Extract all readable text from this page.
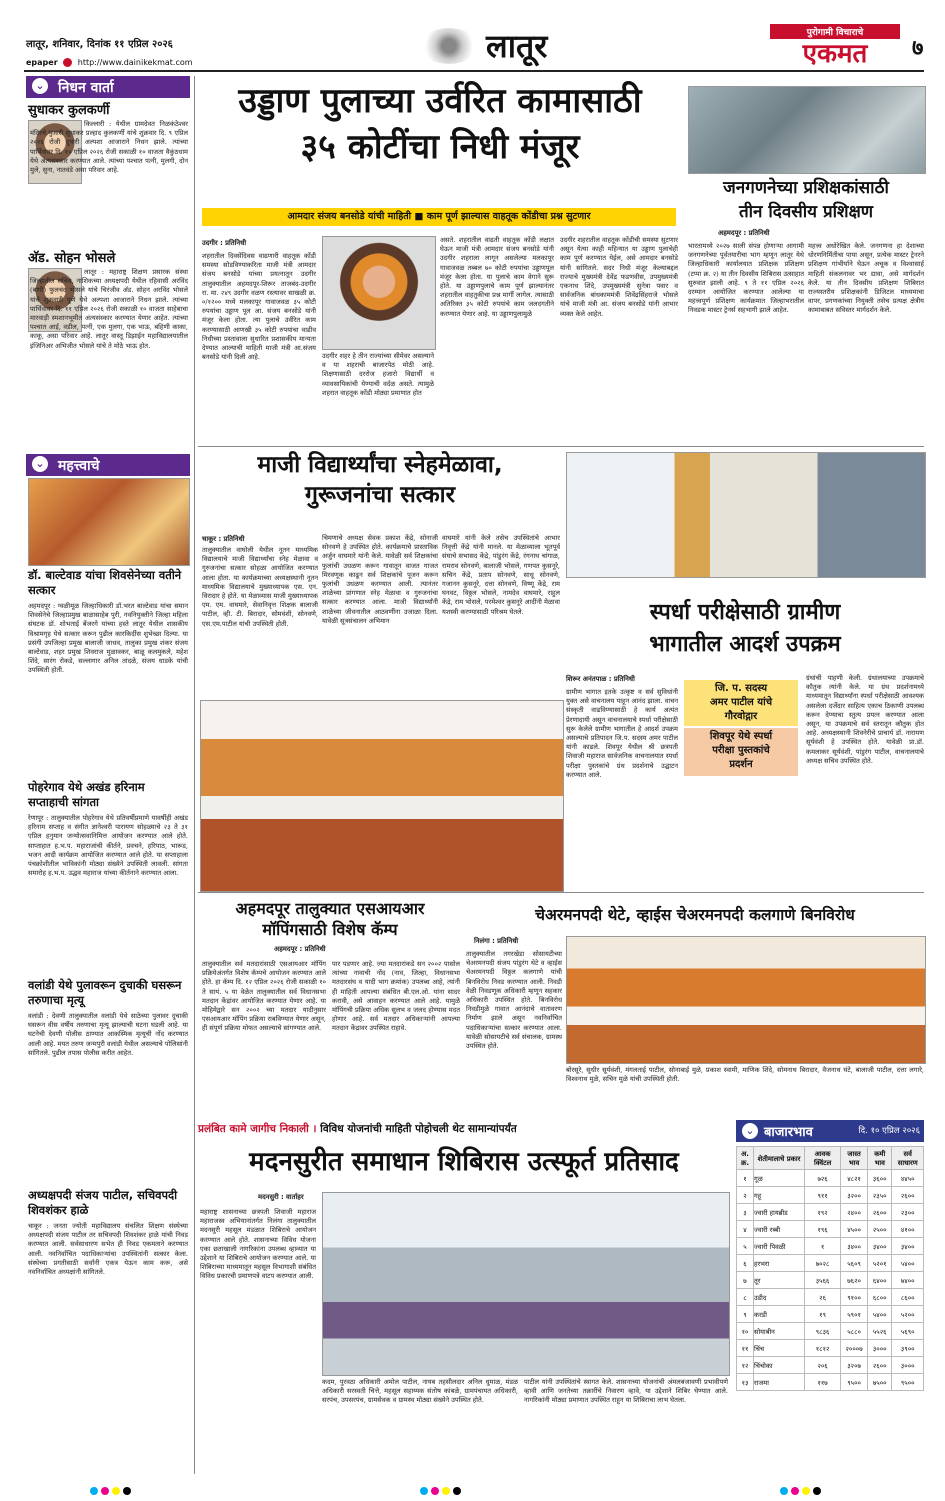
लातूर, शनिवार, दिनांक ११ एप्रिल २०२६	लातूर	पुरोगामी विचाराचे
एकमत	७
epaper	http://www.dainikekmat.com
⌄ निधन वार्ता
सुधाकर कुलकर्णी
किल्लारी : येथील ग्रामदेवत निळकंठेश्वर मंदिरचे पुजारी सुधाकर प्रल्हाद कुलकर्णी यांचे शुक्रवार दि. ९ एप्रिल २०२६ रोजी दुपारी अल्पशा आजाराने निधन झाले. त्यांच्या पार्थिवावर दि. १० एप्रिल २०२६ रोजी सकाळी १० वाजता वैकुंठधाम येथे अंत्यसंस्कार करण्यात आले. त्यांच्या पश्चात पत्नी, मुलगी, दोन मुले, सुना, नातवंडे असा परिवार आहे.
अ‍ॅड. सोहन भोसले
लातूर : महाराष्ट्र शिक्षण प्रसारक संस्था जिल्हातील सचिव, नाशिकच्या अध्यक्षपदी येथील रहिवासी अरविंद (बापी) फुलचंद भोसले यांचे चिरंजीव अ‍ॅड. सोहन अरविंद भोसले यांचे शुक्रवारी पुणे येथे अल्पशा आजाराने निधन झाले. त्यांच्या पार्थिवावर दि. ११ एप्रिल २०२६ रोजी सकाळी १० वाजता साहेबाचा मारवाड़ी स्मशानभूमीत अंत्यसंस्कार करण्यात येणार आहेत. त्यांच्या पश्चात आई, वडील, पत्नी, एक मुलगा, एक भाऊ, बहिणी काका, काकू, असा परिवार आहे. लातूर वास्तू डिझाईन महाविद्यालयातील इंजिनिअर अभिजीत भोसले यांचे ते मोठे भाऊ होत.
⌄ महत्त्वाचे
डॉ. बाल्टेवाड यांचा शिवसेनेच्या वतीने सत्कार
अहमदपूर : ग्वळीमूळ जिल्हाधिकारी डॉ.भरत बाल्टेवाड यांचा समान शिवसेनेचे जिल्हाप्रमुख बाळासाहेब पुरी, नवनियुक्तीने जिल्हा महिला संघटक डॉ. शोभताई बेंजरगे यांच्या हस्ते लातूर येथील शासकीय विश्रामगृह येथे सत्कार करून पुढील कारकिर्दीस शुभेच्छा दिल्या. या प्रसंगी उपजिल्हा प्रमुख बालाजी जाधव, तालुका प्रमुख शंकर संजय बाल्टेवाड, शहर प्रमुख शिवराज मुळावकर, बाळू कलमुकले, महेश शिंदे, सारंग रोकडे, सल्लागार अनिल तांदळे, संजय धाडके यांची उपस्थिती होती.
पोहरेगाव येथे अखंड हरिनाम सप्ताहाची सांगता
रेणापूर : तालुक्यातील पोहरेगाव येथे प्रतिवर्षीप्रमाणे यावर्षीही अखंड हरिनाम सप्ताह व संगीत ज्ञानेश्वरी पारायण सोहळ्याचे २३ ते ३१ एप्रिल हनुमान जन्मोत्सवानिमित्त आयोजन करण्यात आले होते. साप्ताहात ह.भ.प. महाराजांची कीर्तने, प्रवचने, हरिपाठ, भारूड, भजन आदी कार्यक्रम आयोजित करण्यात आले होते. या सप्ताहाला पंचक्रोशीतील भाविकांनी मोठ्या संख्येने उपस्थिती लावली. सांगता समारोह ह.भ.प. उद्धव महाराज यांच्या कीर्तनाने करण्यात आला.
वलांडी येथे पुलावरून दुचाकी घसरून तरुणाचा मृत्यू
वलांडी : देवणी तालुक्यातील वलांडी येथे साठेच्या पुलावर दुचाकी घसरून वीस वर्षीय तरुणाचा मृत्यू झाल्याची घटना घडली आहे. या घटनेची देवणी पोलीस ठाण्यात आकस्मिक मृत्यूची नोंद करण्यात आली आहे. मयत तरुण जन्मपुरी वलांडी येथील असल्याचे पोलिसांनी सांगितले. पुढील तपास पोलीस करीत आहेत.
अध्यक्षपदी संजय पाटील, सचिवपदी शिवशंकर हाळे
चाकूर : जनता ज्योती महाविद्यालय संचलित शिक्षण संस्थेच्या अध्यक्षपदी संजय पाटील तर सचिवपदी शिवशंकर हाळे यांची निवड करण्यात आली. सर्वसाधारण सभेत ही निवड एकमताने करण्यात आली. नवनिर्वाचित पदाधिकाऱ्यांचा उपस्थितांनी सत्कार केला. संस्थेच्या प्रगतीसाठी सर्वांनी एकत्र येऊन काम करू, असे नवनिर्वाचित अध्यक्षांनी सांगितले.
उड्डाण पुलाच्या उर्वरित कामासाठी
३५ कोटींचा निधी मंजूर
आमदार संजय बनसोडे यांची माहिती ■ काम पूर्ण झाल्यास वाहतूक कोंडीचा प्रश्न सुटणार
उदगीर : प्रतिनिधी
शहरातील दिवसेंदिवस वाढणारी वाहतूक कोंडी समस्या सोडविण्याकरिता माजी मंत्री आमदार संजय बनसोडे यांच्या प्रयत्नातून उदगीर तालुक्यातील अहमदपूर-शिरूर ताजबंद-उदगीर रा. मा. २४९ उदगीर वळण रस्त्यावर साखळी क्र. ०/१२०० मध्ये मलकापूर गावाजवळ ३५ कोटी रुपयांचा उड्डाण पूल आ. संजय बनसोडे यांनी मंजूर केला होता. त्या पुलाचे उर्वरित काम करण्यासाठी आणखी ३५ कोटी रुपयांचा वाढीव निधीच्या प्रस्तावाला सुधारित प्रशासकीय मान्यता देण्यात आल्याची माहिती माजी मंत्री आ.संजय बनसोडे यांनी दिली आहे.	उदगीर शहर हे तीन राज्यांच्या सीमेवर असल्याने व या शहराची बाजारपेठ मोठी आहे. शिक्षणासाठी दररोज हजारो विद्यार्थी व व्यावसायिकांची येण्याची वर्दळ असते. त्यामुळे शहरात वाहतूक कोंडी मोठ्या प्रमाणात होत
असते. शहरातील वाढती वाहतूक कोंडी लक्षात घेऊन माजी मंत्री आमदार संजय बनसोडे यांनी उदगीर शहराला लागून असलेल्या मलकापूर गावाजवळ तब्बल ७० कोटी रुपयांचा उड्डाणपूल मंजूर केला होता. या पुलाचे काम वेगाने सुरू होते. या उड्डाणपुलाचे काम पूर्ण झाल्यानंतर शहरातील वाहतुकीचा प्रश्न मार्गी लागेल. त्यासाठी अतिरिक्त ३५ कोटी रुपयांचे काम जलदगतीने करण्यात येणार आहे. या उड्डाणपुलामुळे
उदगीर शहरातील वाहतूक कोंडीची समस्या सुटणार असून येत्या काही महिन्यात या उड्डाण पुलाचेही काम पूर्ण करण्यात येईल, असे आमदार बनसोडे यांनी सांगितले. सदर निधी मंजूर केल्याबद्दल राज्याचे मुख्यमंत्री देवेंद्र फडणवीस, उपमुख्यमंत्री एकनाथ शिंदे, उपमुख्यमंत्री सुनेत्रा पवार व सार्वजनिक बांधकाममंत्री शिवेंद्रसिंहराजे भोसले यांचे माजी मंत्री आ. संजय बनसोडे यांनी आभार व्यक्त केले आहेत.
जनगणनेच्या प्रशिक्षकांसाठी
तीन दिवसीय प्रशिक्षण
अहमदपूर : प्रतिनिधी
भारतामध्ये २०२७ साली संपन्न होणाऱ्या आगामी जनगणनेच्या पूर्वतयारीचा भाग म्हणून लातूर येथे जिल्हाधिकारी कार्यालयात प्रशिक्षक प्रशिक्षण (टप्पा क्र. २) या तीन दिवसीय शिबिरास उत्साहात सुरुवात झाली आहे. ९ ते ११ एप्रिल २०२६ दरम्यान आयोजित करण्यात आलेल्या या महत्त्वपूर्ण प्रशिक्षण कार्यक्रमात जिल्हाभरातील निवडक मास्टर ट्रेनर्स सहभागी झाले आहेत.
महत्त्व अधोरेखित केले. जनगणना हा देशाच्या धोरणनिर्मितीचा पाया असून, प्रत्येक मास्टर ट्रेनरने प्रशिक्षण गांभीर्याने घेऊन अचूक व विश्वासार्ह माहिती संकलनावर भर द्यावा, असे मार्गदर्शन केले. या तीन दिवसीय प्रशिक्षण शिबिरात राज्यस्तरीय प्रशिक्षकांनी डिजिटल माध्यमाचा वापर, प्रगणकांच्या नियुक्ती तसेच प्रत्यक्ष क्षेत्रीय कामाबाबत सविस्तर मार्गदर्शन केले.
माजी विद्यार्थ्यांचा स्नेहमेळावा,
गुरूजनांचा सत्कार
चाकूर : प्रतिनिधी
तालुक्यातील वाघोली येथील नूतन माध्यमिक विद्यालयाचे माजी विद्यार्थ्यांचा स्नेह मेळावा व गुरुजनांचा सत्कार सोहळा आयोजित करण्यात आला होता. या कार्यक्रमाच्या अध्यक्षस्थानी नूतन माध्यमिक विद्यालयाचे मुख्याध्यापक एस. एन. विरादार हे होते. या मेळाव्यास माजी मुख्याध्यापक एम. एम. वाघमारे, सेवानिवृत्त शिक्षक बालाजी पाटील, व्ही. टी. बिरादार, सोमवंशी, सोनवणे, एस.एम.पाटील यांची उपस्थिती होती.
चिमणाचे अध्यक्ष सेवक प्रकाश केंद्रे, सोनाजी सोनवणे हे उपस्थित होते. कार्यक्रमाचे प्रास्ताविक अर्जुन वाघमारे यांनी केले. यावेळी सर्व शिक्षकांचा फुलांची उधळण करून गावातून वाजत गाजत मिरवणूक काढून सर्व शिक्षकांचे पूजन करून फुलांची उधळण करण्यात आली. त्यानंतर शाळेच्या प्रांगणात स्नेह मेळावा व गुरुजनांचा सत्कार करण्यात आला. माजी विद्यार्थ्यांनी शाळेच्या जीवनातील आठवणींना उजाळा दिला. यावेळी सूत्रसंचालन अभिमान
वाघमारे यांनी केले तसेच उपस्थितांचे आभार निवृत्ती केंद्रे यांनी मानले. या मेळाव्याला भूतपूर्व संघाचे सभासद केंद्रे, पांडुरंग केंद्रे, रंगनाथ चांगाळ, रामराव सोनवणे, बालाजी भोसले, गणपत कुसनूरे, सचिन केंद्रे, प्रताप सोनवणे, साधू सोनवणे, गजानन कुसनूरे, दत्ता सोनवणे, विष्णू केंद्रे, राम घनवट, विठ्ठल भोसले, नामदेव वाघमारे, राहुल केंद्रे, राम भोसले, परमेश्वर कुसनूरे आदींनी मेळावा यशस्वी करण्यासाठी परिश्रम घेतले.	स्पर्धा परीक्षेसाठी ग्रामीण
भागातील आदर्श उपक्रम
शिरूर अनंतपाळ : प्रतिनिधी
ग्रामीण भागात इतके उत्कृष्ट व सर्व सुविधांनी युक्त असे वाचनालय पाहून आनंद झाला. वाचन संस्कृती वाढविण्यासाठी हे कार्य अत्यंत प्रेरणादायी असून वाचनालयाचे स्पर्धा परीक्षेसाठी सुरू केलेले ग्रामीण भागातील हे आदर्श उपक्रम असल्याचे प्रतिपादन जि.प. सदस्य अमर पाटील यांनी काढले. शिवपूर येथील श्री छत्रपती शिवाजी महाराज सार्वजनिक वाचनालयात स्पर्धा परीक्षा पुस्तकांचे ग्रंथ प्रदर्शनाचे उद्घाटन करण्यात आले.
जि. प. सदस्य
अमर पाटील यांचे
गौरवोद्गार
शिवपूर येथे स्पर्धा
परीक्षा पुस्तकांचे
प्रदर्शन
ग्रंथांची पाहणी केली. ग्रंथालयाच्या उपक्रमाचे कौतुक त्यांनी केले. या ग्रंथ प्रदर्शनामध्ये माध्यमातून विद्यार्थ्यांना स्पर्धा परीक्षेसाठी आवश्यक असलेला दर्जेदार साहित्य एकाच ठिकाणी उपलब्ध करून देण्याचा स्तुत्य प्रयत्न करण्यात आला असून, या उपक्रमाचे सर्व स्तरातून कौतुक होत आहे. अध्यक्षस्थानी शिवनेरीचे प्राचार्य डॉ. नारायण सूर्यवंशी हे उपस्थित होते. यावेळी प्रा.डॉ. कमलाकर सूर्यवंशी, पांडुरंग पाटील, वाचनालयाचे अध्यक्ष सचिव उपस्थित होते.
अहमदपूर तालुक्यात एसआयआर
मॉपिंगसाठी विशेष कॅम्प
अहमदपूर : प्रतिनिधी
तालुक्यातील सर्व मतदारांसाठी एसआयआर मॉपिंग प्रक्रियेअंतर्गत विशेष कॅम्पचे आयोजन करण्यात आले होते. हा कॅम्प दि. १२ एप्रिल २०२६ रोजी सकाळी १० ते सायं. ५ या वेळेत तालुक्यातील सर्व विधानसभा मतदान केंद्रांवर आयोजित करण्यात येणार आहे. या मोहिमेद्वारे सन २००२ च्या मतदार यादीनुसार एसआयआर मॉपिंग प्रक्रिया राबविण्यात येणार असून, ही संपूर्ण प्रक्रिया मोफत असल्याचे सांगण्यात आले.
पार पडणार आहे. ज्या मतदारांकडे सन २००२ पासोल त्यांच्या नावाची नोंद (नाव, जिल्हा, विधानसभा मतदारसंघ व यादी भाग क्रमांक) उपलब्ध आहे, त्यांनी ही माहिती आपल्या संबंधित बी.एल.ओ. यांना सादर करावी, असे आवाहन करण्यात आले आहे. यामुळे मॉपिंगची प्रक्रिया अधिक सुलभ व जलद होण्यास मदत होणार आहे. सर्व मतदार अधिकाऱ्यांनी आपल्या मतदान केंद्रावर उपस्थित राहावे.
चेअरमनपदी थेटे, व्हाईस चेअरमनपदी कलगाणे बिनविरोध
निलंगा : प्रतिनिधी
तालुक्यातील तगरखेडा सोसायटीच्या चेअरमनपदी संजय पांडुरंग थेटे व व्हाईस चेअरमनपदी विठ्ठल कलगाणे यांची बिनविरोध निवड करण्यात आली. निवडी वेळी निवडणूक अधिकारी म्हणून सहकार अधिकारी उपस्थित होते. बिनविरोध निवडीमुळे गावात आनंदाचे वातावरण निर्माण झाले असून नवनिर्वाचित पदाधिकाऱ्यांचा सत्कार करण्यात आला. यावेळी सोसायटीचे सर्व संचालक, ग्रामस्थ उपस्थित होते.
बोरसूरे, सुधीर सूर्यवंशी, मंगलताई पाटील, सोनाबाई मुळे, प्रकाश स्वामी, माणिक शिंदे, सोमनाथ बिरादार, वैजनाथ घंटे, बालाजी पाटील, दत्ता लगारे, विश्वनाथ मुळे, सचिन मुळे यांची उपस्थिती होती.
प्रलंबित कामे जागीच निकाली । विविध योजनांची माहिती पोहोचली थेट सामान्यांपर्यंत
मदनसुरीत समाधान शिबिरास उत्स्फूर्त प्रतिसाद
मदनसुरी : वार्ताहर
महाराष्ट्र शासनाच्या छत्रपती शिवाजी महाराज महाराजस्व अभियानांतर्गत निलंगा तालुक्यातील मदनसुरी महसूल मंडळात शिबिराचे आयोजन करण्यात आले होते. शासनाच्या विविध योजना एका छताखाली नागरिकांना उपलब्ध व्हाव्यात या उद्देशाने या शिबिराचे आयोजन करण्यात आले. या शिबिराच्या माध्यमातून महसूल विभागाशी संबंधित विविध प्रकारची प्रमाणपत्रे वाटप करण्यात आली.
कदम, पुरवठा अधिकारी अमोल पाटील, नायब तहसीलदार अनिल धुमाळ, मंडळ अधिकारी सरस्वती चित्ते, महसूल सहाय्यक संतोष कांबळे, ग्रामपंचायत अधिकारी, सरपंच, उपसरपंच, ग्रामसेवक व ग्रामस्थ मोठ्या संख्येने उपस्थित होते.
पाटील यांनी उपस्थितांचे स्वागत केले. शासनाच्या योजनांची अंमलबजावणी प्रभावीपणे व्हावी आणि जनतेच्या तक्रारींचे निवारण व्हावे, या उद्देशाने शिबिर घेण्यात आले. नागरिकांनी मोठ्या प्रमाणात उपस्थित राहून या शिबिराचा लाभ घेतला.
⌄ बाजारभाव	दि. १० एप्रिल २०२६
अ. क्र.	शेतीमालाचे प्रकार	आवक क्विंटल	जास्त भाव	कमी भाव	सर्व साधारण
१	गूळ	७२६	४८२१	३६००	४४५०
२	गहू	९११	३२००	२३५०	२६००
३	ज्वारी हायब्रीड	१९२	२४००	२६००	२३००
४	ज्वारी रब्बी	१९६	४५००	२५००	४१००
५	ज्वारी पिवळी	१	३४००	३४००	३४००
६	हरभरा	७०२८	५६०९	५२०१	५४००
७	तूर	३५६६	७६२०	६४००	७४००
८	उडीद	२६	९१००	६८००	८६००
९	करडी	१९	५९०१	५४००	५२००
१०	सोयाबीन	९८३६	५८८०	५५२६	५६९०
११	चिंच	१८१२	२०००७	३०००	३९००
१२	चिंचोका	२०६	३२०७	२६००	३०००
१३	राजमा	११७	९५००	७५००	९५००
